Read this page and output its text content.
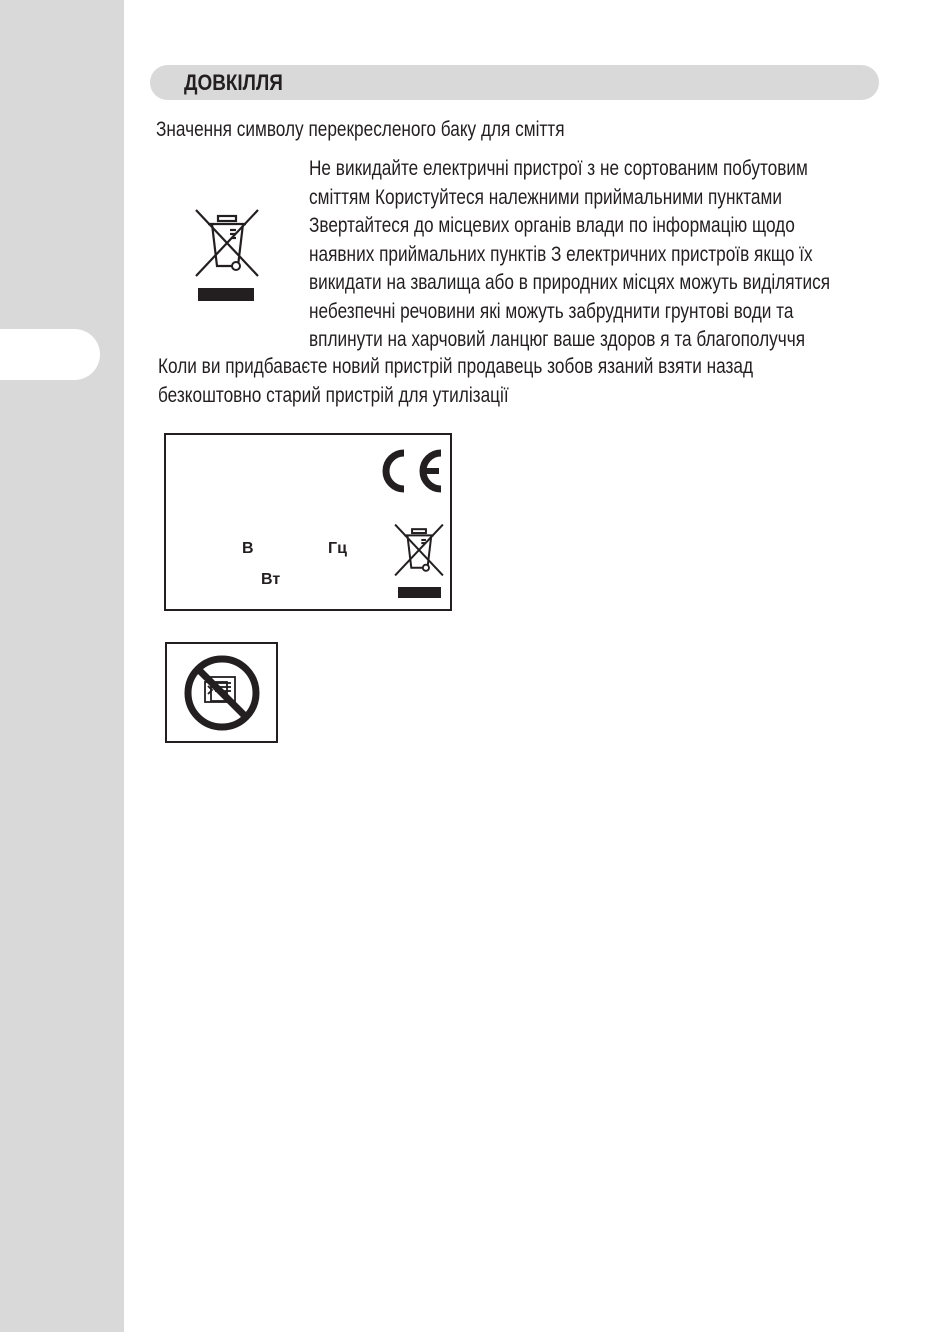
ДОВКІЛЛЯ
Значення символу перекресленого баку для сміття
Не викидайте електричні пристрої з не сортованим побутовим
сміттям Користуйтеся належними приймальними пунктами
Звертайтеся до місцевих органів влади по інформацію щодо
наявних приймальних пунктів З електричних пристроїв якщо їх
викидати на звалища або в природних місцях можуть виділятися
небезпечні речовини які можуть забруднити грунтові води та
вплинути на харчовий ланцюг ваше здоров я та благополуччя
Коли ви придбаваєте новий пристрій продавець зобов язаний взяти назад
безкоштовно старий пристрій для утилізації
В	Гц
Вт
